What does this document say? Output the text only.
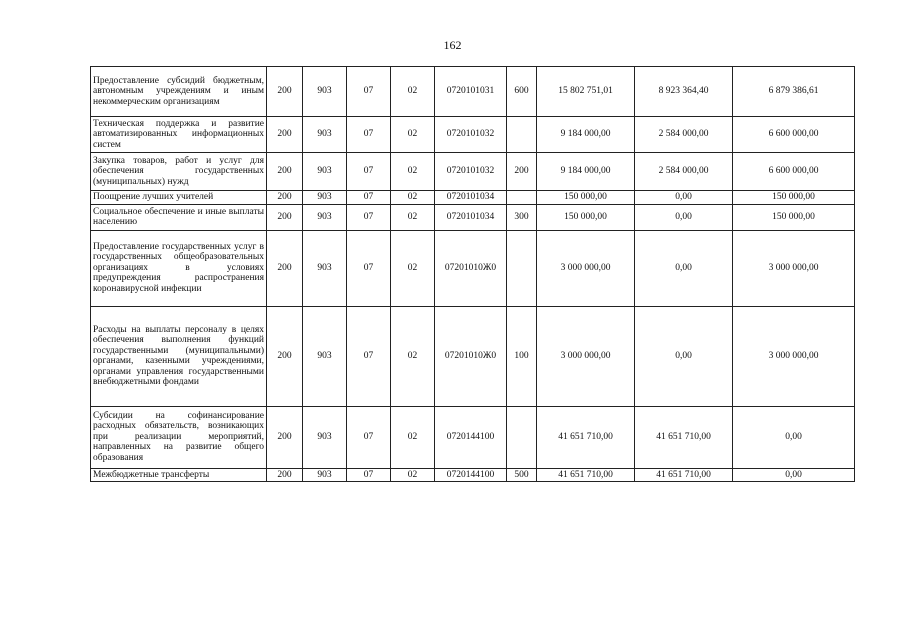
162
Предоставление субсидий бюджетным, автономным учреждениям и иным некоммерческим организациям	200	903	07	02	0720101031	600	15 802 751,01	8 923 364,40	6 879 386,61
Техническая поддержка и развитие автоматизированных информационных систем	200	903	07	02	0720101032		9 184 000,00	2 584 000,00	6 600 000,00
Закупка товаров, работ и услуг для обеспечения государственных (муниципальных) нужд	200	903	07	02	0720101032	200	9 184 000,00	2 584 000,00	6 600 000,00
Поощрение лучших учителей	200	903	07	02	0720101034		150 000,00	0,00	150 000,00
Социальное обеспечение и иные выплаты населению	200	903	07	02	0720101034	300	150 000,00	0,00	150 000,00
Предоставление государственных услуг в государственных общеобразовательных организациях в условиях предупреждения распространения коронавирусной инфекции	200	903	07	02	07201010Ж0		3 000 000,00	0,00	3 000 000,00
Расходы на выплаты персоналу в целях обеспечения выполнения функций государственными (муниципальными) органами, казенными учреждениями, органами управления государственными внебюджетными фондами	200	903	07	02	07201010Ж0	100	3 000 000,00	0,00	3 000 000,00
Субсидии на софинансирование расходных обязательств, возникающих при реализации мероприятий, направленных на развитие общего образования	200	903	07	02	0720144100		41 651 710,00	41 651 710,00	0,00
Межбюджетные трансферты	200	903	07	02	0720144100	500	41 651 710,00	41 651 710,00	0,00
